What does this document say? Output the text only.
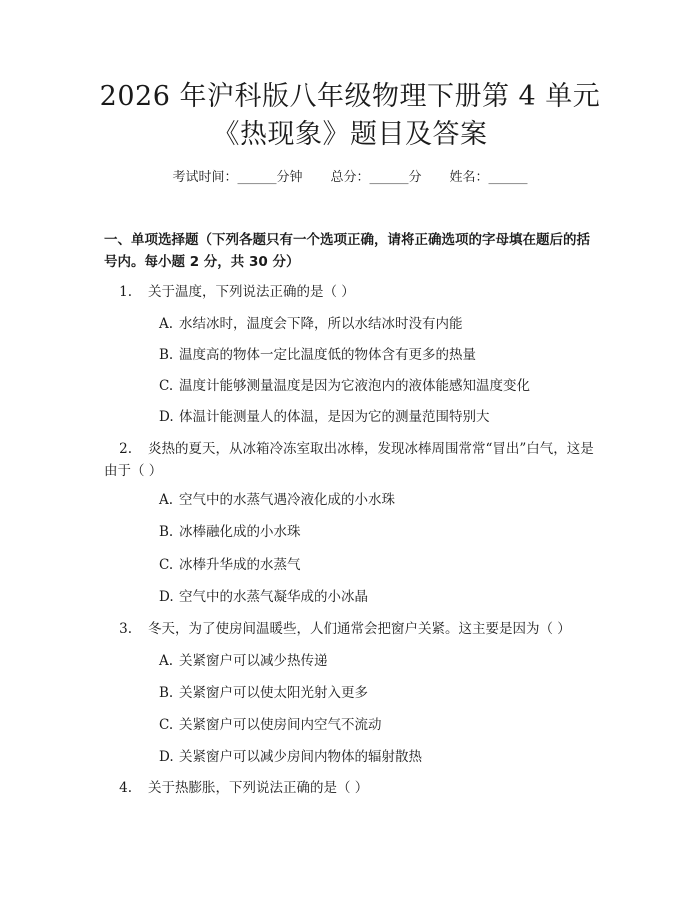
2026 年沪科版八年级物理下册第 4 单元《热现象》题目及答案
考试时间：______分钟 总分：______分 姓名：______
一、单项选择题（下列各题只有一个选项正确，请将正确选项的字母填在题后的括号内。每小题 2 分，共 30 分）
1. 关于温度，下列说法正确的是（ ）
A. 水结冰时，温度会下降，所以水结冰时没有内能
B. 温度高的物体一定比温度低的物体含有更多的热量
C. 温度计能够测量温度是因为它液泡内的液体能感知温度变化
D. 体温计能测量人的体温，是因为它的测量范围特别大
2. 炎热的夏天，从冰箱冷冻室取出冰棒，发现冰棒周围常常“冒出”白气，这是由于（ ）
A. 空气中的水蒸气遇冷液化成的小水珠
B. 冰棒融化成的小水珠
C. 冰棒升华成的水蒸气
D. 空气中的水蒸气凝华成的小冰晶
3. 冬天，为了使房间温暖些，人们通常会把窗户关紧。这主要是因为（ ）
A. 关紧窗户可以减少热传递
B. 关紧窗户可以使太阳光射入更多
C. 关紧窗户可以使房间内空气不流动
D. 关紧窗户可以减少房间内物体的辐射散热
4. 关于热膨胀，下列说法正确的是（ ）
